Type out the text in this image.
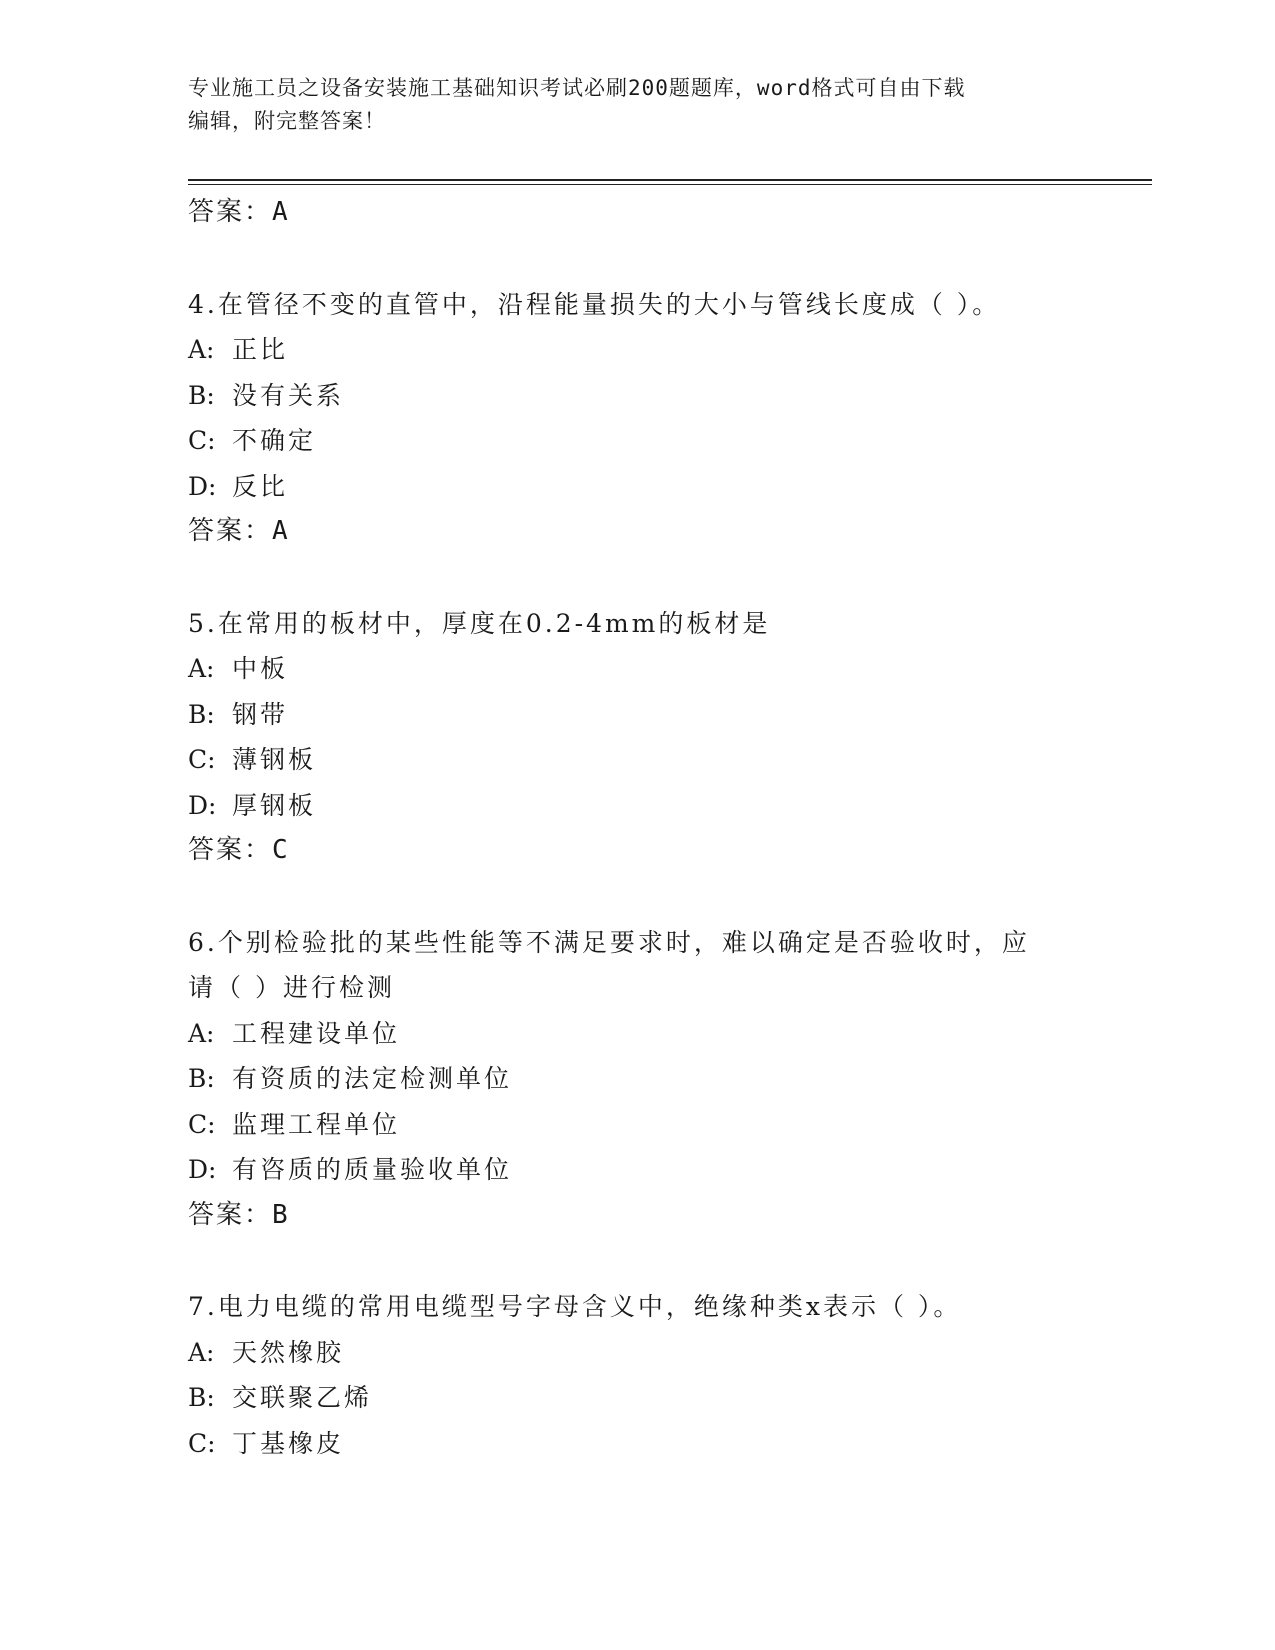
专业施工员之设备安装施工基础知识考试必刷200题题库，word格式可自由下载
编辑，附完整答案！
答案：A
4.在管径不变的直管中，沿程能量损失的大小与管线长度成（ ）。
A: 正比
B: 没有关系
C: 不确定
D: 反比
答案：A
5.在常用的板材中，厚度在0.2-4mm的板材是
A: 中板
B: 钢带
C: 薄钢板
D: 厚钢板
答案：C
6.个别检验批的某些性能等不满足要求时，难以确定是否验收时，应
请（ ）进行检测
A: 工程建设单位
B: 有资质的法定检测单位
C: 监理工程单位
D: 有咨质的质量验收单位
答案：B
7.电力电缆的常用电缆型号字母含义中，绝缘种类x表示（ ）。
A: 天然橡胶
B: 交联聚乙烯
C: 丁基橡皮
